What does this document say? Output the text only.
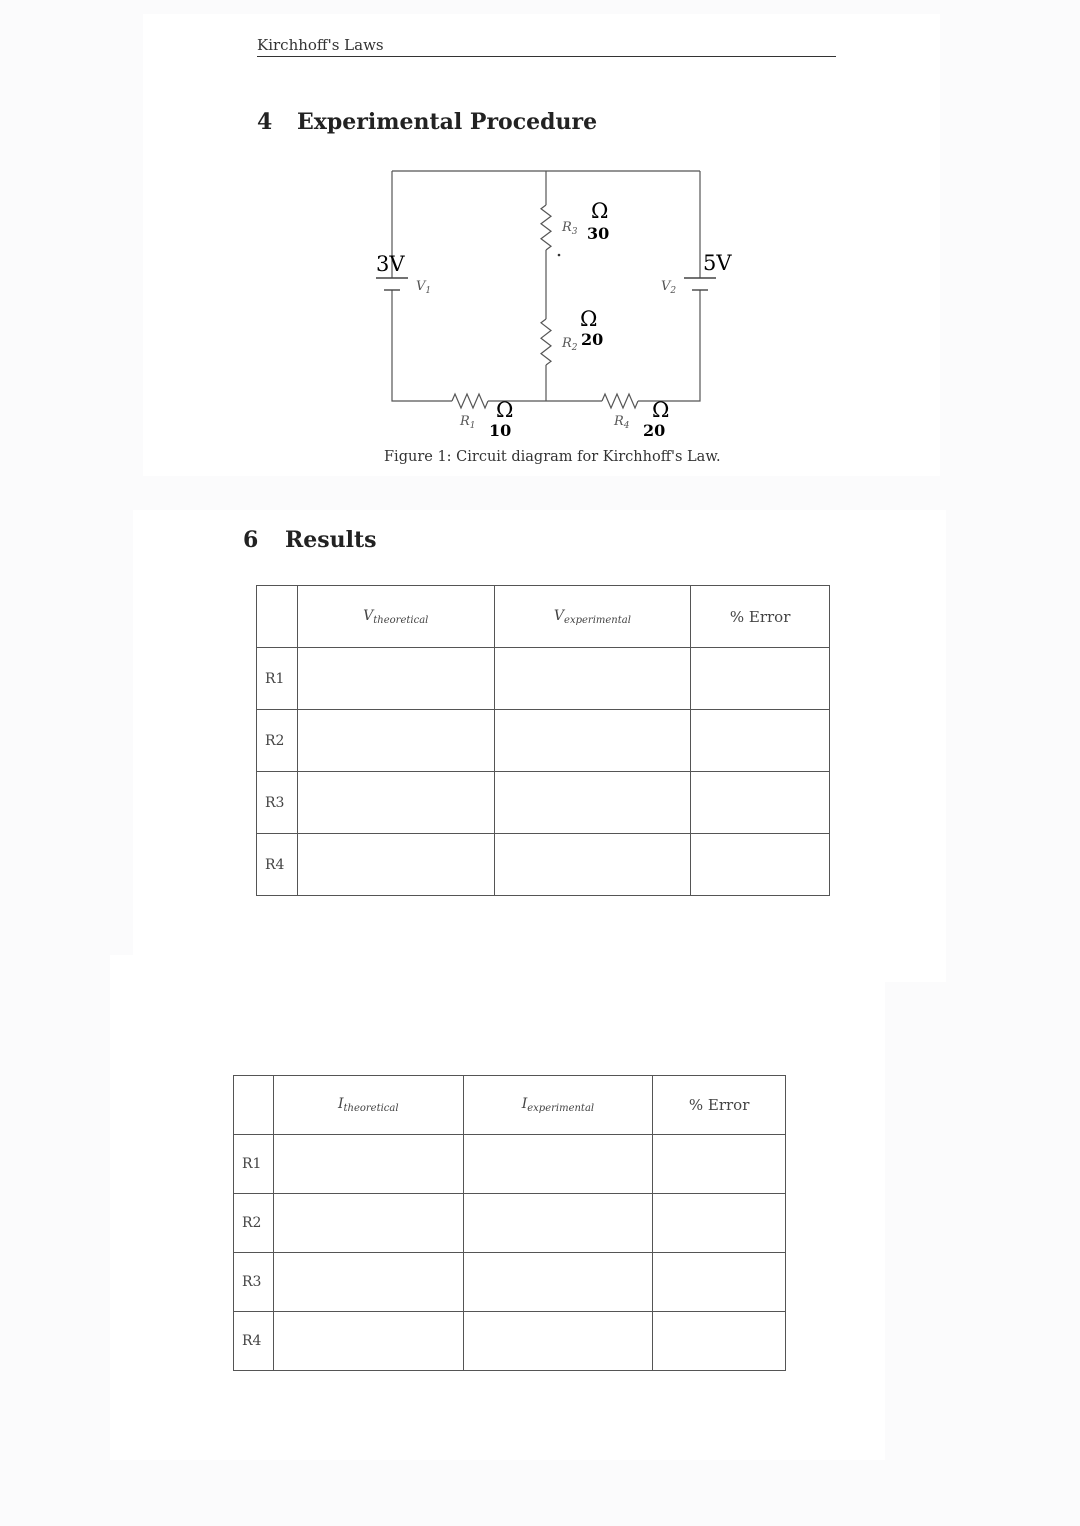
Kirchhoff's Laws
4 Experimental Procedure
$V_1$	$V_2$
$R_3$
$R_2$
$R_1$	$R_4$
3V	5V
Ω
30
Ω
20
Ω
10
Ω
20
Figure 1: Circuit diagram for Kirchhoff's Law.
6 Results
	$V_{theoretical}$	$V_{experimental}$	% Error
R1			
R2			
R3			
R4			
	$I_{theoretical}$	$I_{experimental}$	% Error
R1			
R2			
R3			
R4			
